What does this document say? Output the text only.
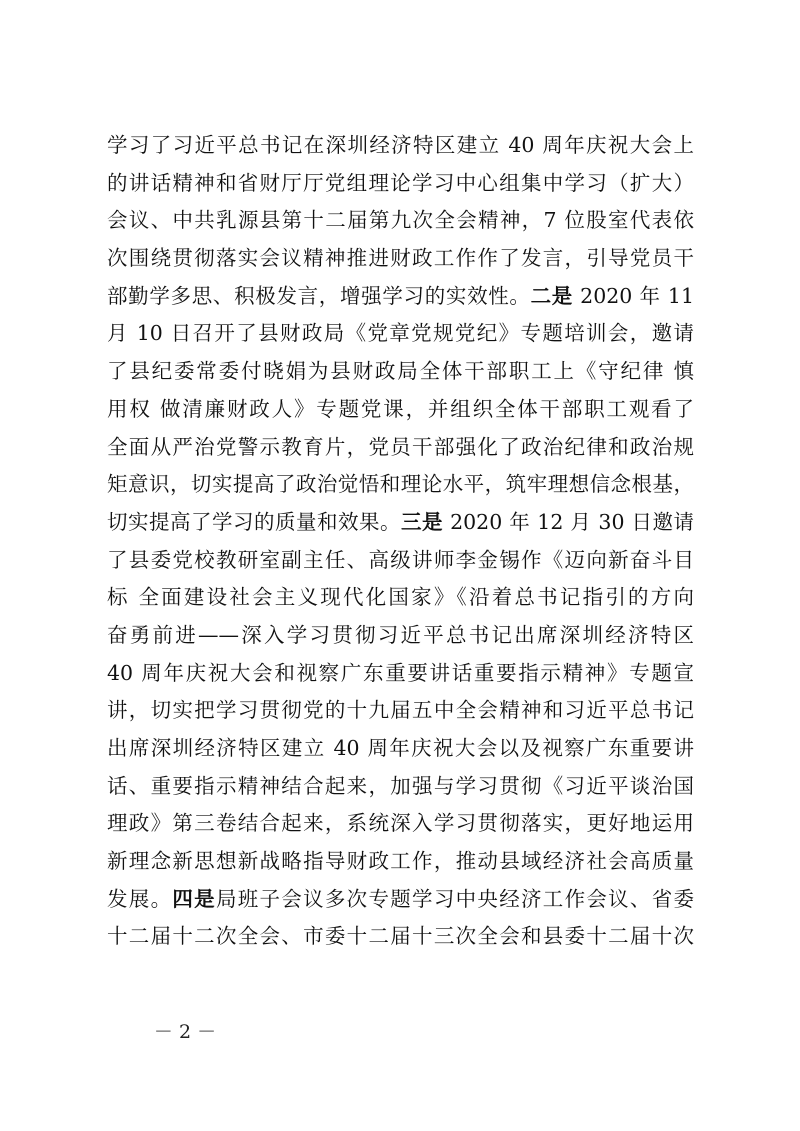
学习了习近平总书记在深圳经济特区建立 40 周年庆祝大会上
的讲话精神和省财厅厅党组理论学习中心组集中学习（扩大）
会议、中共乳源县第十二届第九次全会精神，7 位股室代表依
次围绕贯彻落实会议精神推进财政工作作了发言，引导党员干
部勤学多思、积极发言，增强学习的实效性。二是 2020 年 11
月 10 日召开了县财政局《党章党规党纪》专题培训会，邀请
了县纪委常委付晓娟为县财政局全体干部职工上《守纪律 慎
用权 做清廉财政人》专题党课，并组织全体干部职工观看了
全面从严治党警示教育片，党员干部强化了政治纪律和政治规
矩意识，切实提高了政治觉悟和理论水平，筑牢理想信念根基，
切实提高了学习的质量和效果。三是 2020 年 12 月 30 日邀请
了县委党校教研室副主任、高级讲师李金锡作《迈向新奋斗目
标 全面建设社会主义现代化国家》《沿着总书记指引的方向
奋勇前进——深入学习贯彻习近平总书记出席深圳经济特区
40 周年庆祝大会和视察广东重要讲话重要指示精神》专题宣
讲，切实把学习贯彻党的十九届五中全会精神和习近平总书记
出席深圳经济特区建立 40 周年庆祝大会以及视察广东重要讲
话、重要指示精神结合起来，加强与学习贯彻《习近平谈治国
理政》第三卷结合起来，系统深入学习贯彻落实，更好地运用
新理念新思想新战略指导财政工作，推动县域经济社会高质量
发展。四是局班子会议多次专题学习中央经济工作会议、省委
十二届十二次全会、市委十二届十三次全会和县委十二届十次
－ 2 －
